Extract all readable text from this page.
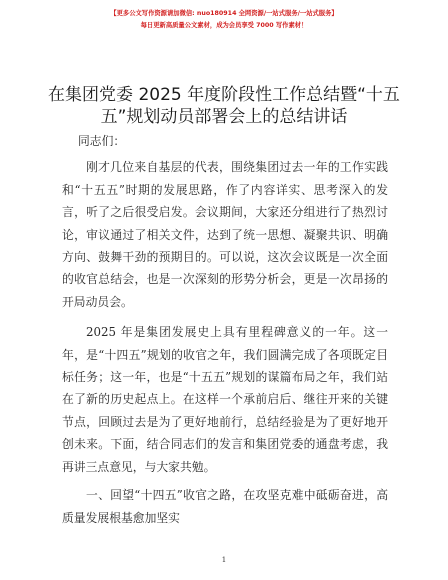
【更多公文写作资源请加微信: nuo180914 全网资源/一站式服务/一站式服务】
每日更新高质量公文素材，成为会员享受 7000 写作素材！
在集团党委 2025 年度阶段性工作总结暨“十五五”规划动员部署会上的总结讲话

同志们：

刚才几位来自基层的代表，围绕集团过去一年的工作实践和“十五五”时期的发展思路，作了内容详实、思考深入的发言，听了之后很受启发。会议期间，大家还分组进行了热烈讨论，审议通过了相关文件，达到了统一思想、凝聚共识、明确方向、鼓舞干劲的预期目的。可以说，这次会议既是一次全面的收官总结会，也是一次深刻的形势分析会，更是一次昂扬的开局动员会。

2025 年是集团发展史上具有里程碑意义的一年。这一年，是“十四五”规划的收官之年，我们圆满完成了各项既定目标任务；这一年，也是“十五五”规划的谋篇布局之年，我们站在了新的历史起点上。在这样一个承前启后、继往开来的关键节点，回顾过去是为了更好地前行，总结经验是为了更好地开创未来。下面，结合同志们的发言和集团党委的通盘考虑，我再讲三点意见，与大家共勉。

一、回望“十四五”收官之路，在攻坚克难中砥砺奋进，高质量发展根基愈加坚实

1
